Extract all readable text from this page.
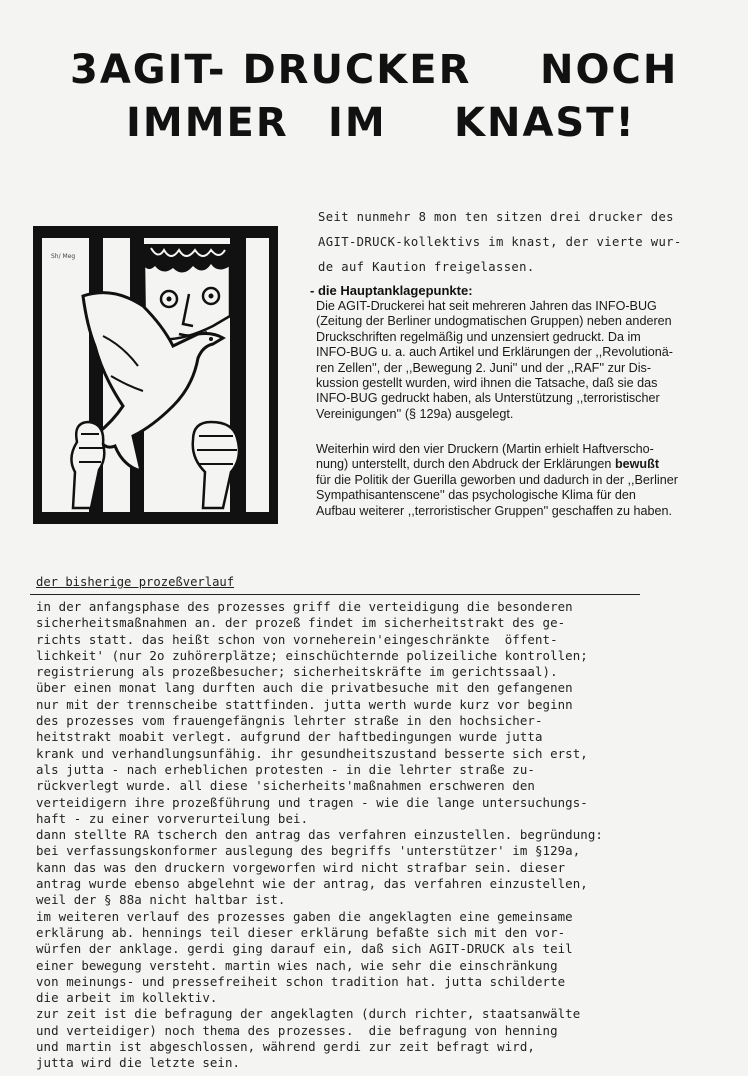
3AGIT- DRUCKER NOCH
IMMER IM KNAST!
Sh/ Meg
Seit nunmehr 8 mon ten sitzen drei drucker des
AGIT-DRUCK-kollektivs im knast, der vierte wur-
de auf Kaution freigelassen.
- die Hauptanklagepunkte:
Die AGIT-Druckerei hat seit mehreren Jahren das INFO-BUG
(Zeitung der Berliner undogmatischen Gruppen) neben anderen
Druckschriften regelmäßig und unzensiert gedruckt. Da im
INFO-BUG u. a. auch Artikel und Erklärungen der ,,Revolutionä-
ren Zellen'', der ,,Bewegung 2. Juni'' und der ,,RAF'' zur Dis-
kussion gestellt wurden, wird ihnen die Tatsache, daß sie das
INFO-BUG gedruckt haben, als Unterstützung ,,terroristischer
Vereinigungen'' (§ 129a) ausgelegt.
Weiterhin wird den vier Druckern (Martin erhielt Haftverscho-
nung) unterstellt, durch den Abdruck der Erklärungen bewußt
für die Politik der Guerilla geworben und dadurch in der ,,Berliner
Sympathisantenscene'' das psychologische Klima für den
Aufbau weiterer ,,terroristischer Gruppen'' geschaffen zu haben.
der bisherige prozeßverlauf
in der anfangsphase des prozesses griff die verteidigung die besonderen
sicherheitsmaßnahmen an. der prozeß findet im sicherheitstrakt des ge-
richts statt. das heißt schon von vorneherein'eingeschränkte  öffent-
lichkeit' (nur 2o zuhörerplätze; einschüchternde polizeiliche kontrollen;
registrierung als prozeßbesucher; sicherheitskräfte im gerichtssaal).
über einen monat lang durften auch die privatbesuche mit den gefangenen
nur mit der trennscheibe stattfinden. jutta werth wurde kurz vor beginn
des prozesses vom frauengefängnis lehrter straße in den hochsicher-
heitstrakt moabit verlegt. aufgrund der haftbedingungen wurde jutta
krank und verhandlungsunfähig. ihr gesundheitszustand besserte sich erst,
als jutta - nach erheblichen protesten - in die lehrter straße zu-
rückverlegt wurde. all diese 'sicherheits'maßnahmen erschweren den
verteidigern ihre prozeßführung und tragen - wie die lange untersuchungs-
haft - zu einer vorverurteilung bei.
dann stellte RA tscherch den antrag das verfahren einzustellen. begründung:
bei verfassungskonformer auslegung des begriffs 'unterstützer' im §129a,
kann das was den druckern vorgeworfen wird nicht strafbar sein. dieser
antrag wurde ebenso abgelehnt wie der antrag, das verfahren einzustellen,
weil der § 88a nicht haltbar ist.
im weiteren verlauf des prozesses gaben die angeklagten eine gemeinsame
erklärung ab. hennings teil dieser erklärung befaßte sich mit den vor-
würfen der anklage. gerdi ging darauf ein, daß sich AGIT-DRUCK als teil
einer bewegung versteht. martin wies nach, wie sehr die einschränkung
von meinungs- und pressefreiheit schon tradition hat. jutta schilderte
die arbeit im kollektiv.
zur zeit ist die befragung der angeklagten (durch richter, staatsanwälte
und verteidiger) noch thema des prozesses.  die befragung von henning
und martin ist abgeschlossen, während gerdi zur zeit befragt wird,
jutta wird die letzte sein.
